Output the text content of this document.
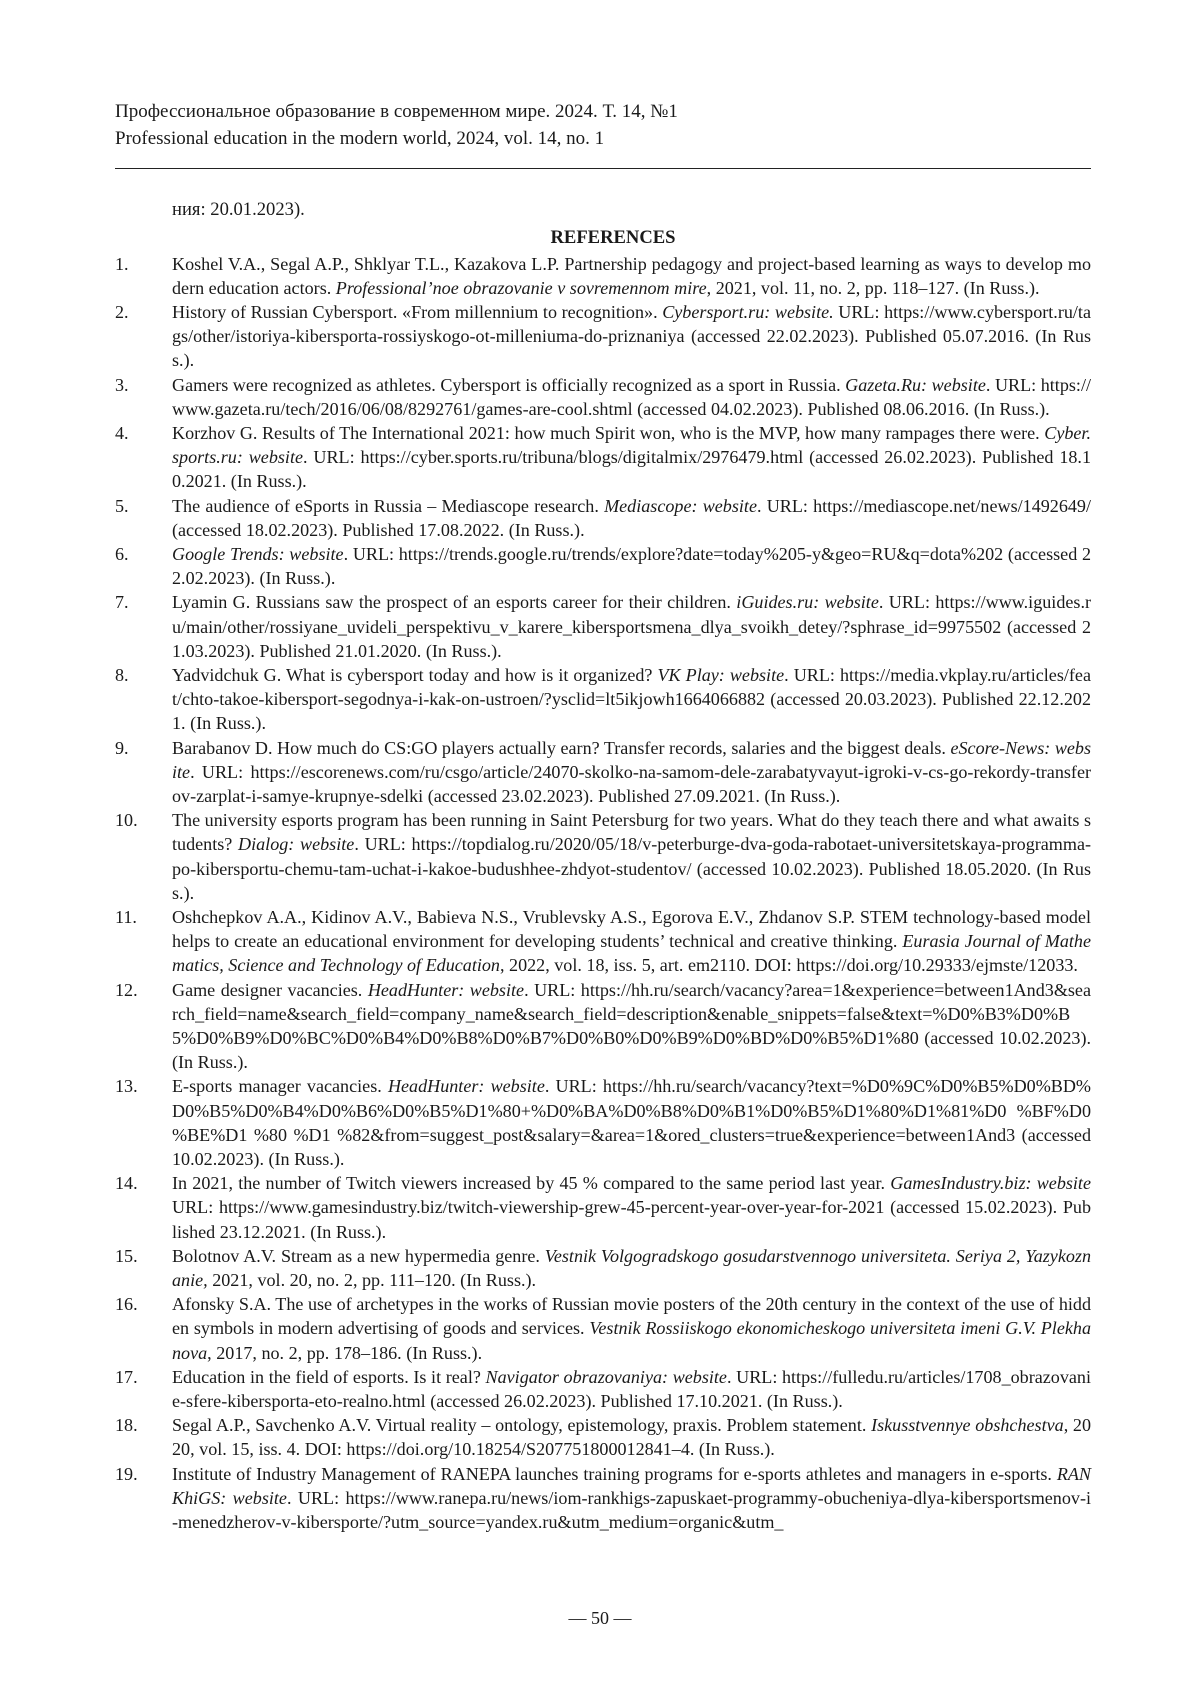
Профессиональное образование в современном мире. 2024. Т. 14, №1
Professional education in the modern world, 2024, vol. 14, no. 1
ния: 20.01.2023).
REFERENCES
1.	Koshel V.A., Segal A.P., Shklyar T.L., Kazakova L.P. Partnership pedagogy and project-based learning as ways to develop modern education actors. Professional’noe obrazovanie v sovremennom mire, 2021, vol. 11, no. 2, pp. 118–127. (In Russ.).
2.	History of Russian Cybersport. «From millennium to recognition». Cybersport.ru: website. URL: https://www.cybersport.ru/tags/other/istoriya-kibersporta-rossiyskogo-ot-milleniuma-do-priznaniya (accessed 22.02.2023). Published 05.07.2016. (In Russ.).
3.	Gamers were recognized as athletes. Cybersport is officially recognized as a sport in Russia. Gazeta.Ru: website. URL: https://www.gazeta.ru/tech/2016/06/08/8292761/games-are-cool.shtml (accessed 04.02.2023). Published 08.06.2016. (In Russ.).
4.	Korzhov G. Results of The International 2021: how much Spirit won, who is the MVP, how many rampages there were. Cyber.sports.ru: website. URL: https://cyber.sports.ru/tribuna/blogs/digitalmix/2976479.html (accessed 26.02.2023). Published 18.10.2021. (In Russ.).
5.	The audience of eSports in Russia – Mediascope research. Mediascope: website. URL: https://mediascope.net/news/1492649/ (accessed 18.02.2023). Published 17.08.2022. (In Russ.).
6.	Google Trends: website. URL: https://trends.google.ru/trends/explore?date=today%205-y&geo=RU&q=dota%202 (accessed 22.02.2023). (In Russ.).
7.	Lyamin G. Russians saw the prospect of an esports career for their children. iGuides.ru: website. URL: https://www.iguides.ru/main/other/rossiyane_uvideli_perspektivu_v_karere_kibersportsmena_dlya_svoikh_detey/?sphrase_id=9975502 (accessed 21.03.2023). Published 21.01.2020. (In Russ.).
8.	Yadvidchuk G. What is cybersport today and how is it organized? VK Play: website. URL: https://media.vkplay.ru/articles/feat/chto-takoe-kibersport-segodnya-i-kak-on-ustroen/?ysclid=lt5ikjowh1664066882 (accessed 20.03.2023). Published 22.12.2021. (In Russ.).
9.	Barabanov D. How much do CS:GO players actually earn? Transfer records, salaries and the biggest deals. eScore-News: website. URL: https://escorenews.com/ru/csgo/article/24070-skolko-na-samom-dele-zarabatyvayut-igroki-v-cs-go-rekordy-transferov-zarplat-i-samye-krupnye-sdelki (accessed 23.02.2023). Published 27.09.2021. (In Russ.).
10.	The university esports program has been running in Saint Petersburg for two years. What do they teach there and what awaits students? Dialog: website. URL: https://topdialog.ru/2020/05/18/v-peterburge-dva-goda-rabotaet-universitetskaya-programma-po-kibersportu-chemu-tam-uchat-i-kakoe-budushhee-zhdyot-studentov/ (accessed 10.02.2023). Published 18.05.2020. (In Russ.).
11.	Oshchepkov A.A., Kidinov A.V., Babieva N.S., Vrublevsky A.S., Egorova E.V., Zhdanov S.P. STEM technology-based model helps to create an educational environment for developing students’ technical and creative thinking. Eurasia Journal of Mathematics, Science and Technology of Education, 2022, vol. 18, iss. 5, art. em2110. DOI: https://doi.org/10.29333/ejmste/12033.
12.	Game designer vacancies. HeadHunter: website. URL: https://hh.ru/search/vacancy?area=1&experience=between1And3&search_field=name&search_field=company_name&search_field=description&enable_snippets=false&text=%D0%B3%D0%B5%D0%B9%D0%BC%D0%B4%D0%B8%D0%B7%D0%B0%D0%B9%D0%BD%D0%B5%D1%80 (accessed 10.02.2023). (In Russ.).
13.	E-sports manager vacancies. HeadHunter: website. URL: https://hh.ru/search/vacancy?text=%D0%9C%D0%B5%D0%BD%D0%B5%D0%B4%D0%B6%D0%B5%D1%80+%D0%BA%D0%B8%D0%B1%D0%B5%D1%80%D1%81%D0 %BF%D0 %BE%D1 %80 %D1 %82&from=suggest_post&salary=&area=1&ored_clusters=true&experience=between1And3 (accessed 10.02.2023). (In Russ.).
14.	In 2021, the number of Twitch viewers increased by 45 % compared to the same period last year. GamesIndustry.biz: website URL: https://www.gamesindustry.biz/twitch-viewership-grew-45-percent-year-over-year-for-2021 (accessed 15.02.2023). Published 23.12.2021. (In Russ.).
15.	Bolotnov A.V. Stream as a new hypermedia genre. Vestnik Volgogradskogo gosudarstvennogo universiteta. Seriya 2, Yazykoznanie, 2021, vol. 20, no. 2, pp. 111–120. (In Russ.).
16.	Afonsky S.A. The use of archetypes in the works of Russian movie posters of the 20th century in the context of the use of hidden symbols in modern advertising of goods and services. Vestnik Rossiiskogo ekonomicheskogo universiteta imeni G.V. Plekhanova, 2017, no. 2, pp. 178–186. (In Russ.).
17.	Education in the field of esports. Is it real? Navigator obrazovaniya: website. URL: https://fulledu.ru/articles/1708_obrazovanie-sfere-kibersporta-eto-realno.html (accessed 26.02.2023). Published 17.10.2021. (In Russ.).
18.	Segal A.P., Savchenko A.V. Virtual reality – ontology, epistemology, praxis. Problem statement. Iskusstvennye obshchestva, 2020, vol. 15, iss. 4. DOI: https://doi.org/10.18254/S207751800012841–4. (In Russ.).
19.	Institute of Industry Management of RANEPA launches training programs for e-sports athletes and managers in e-sports. RANKhiGS: website. URL: https://www.ranepa.ru/news/iom-rankhigs-zapuskaet-programmy-obucheniya-dlya-kibersportsmenov-i-menedzherov-v-kibersporte/?utm_source=yandex.ru&utm_medium=organic&utm_
— 50 —
